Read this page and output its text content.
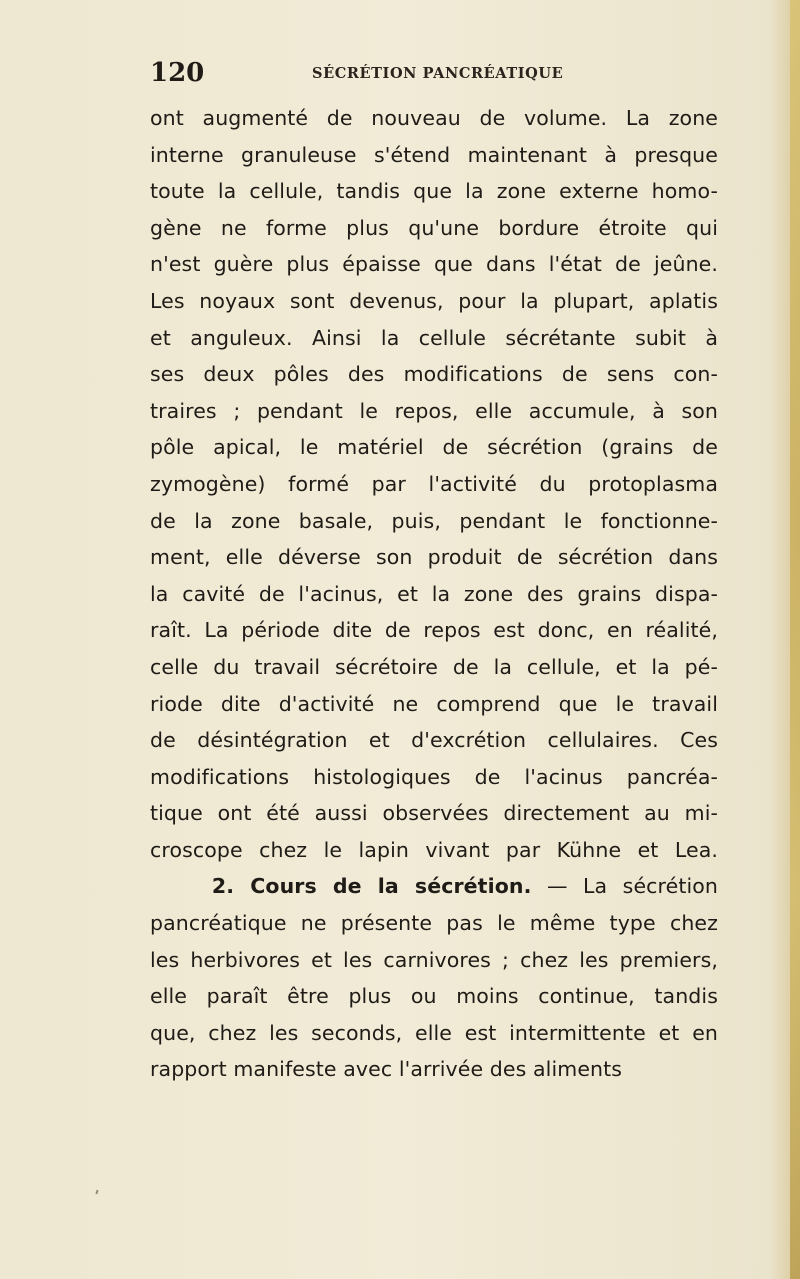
120	SÉCRÉTION PANCRÉATIQUE
ont augmenté de nouveau de volume. La zone
interne granuleuse s'étend maintenant à presque
toute la cellule, tandis que la zone externe homo-
gène ne forme plus qu'une bordure étroite qui
n'est guère plus épaisse que dans l'état de jeûne.
Les noyaux sont devenus, pour la plupart, aplatis
et anguleux. Ainsi la cellule sécrétante subit à
ses deux pôles des modifications de sens con-
traires ; pendant le repos, elle accumule, à son
pôle apical, le matériel de sécrétion (grains de
zymogène) formé par l'activité du protoplasma
de la zone basale, puis, pendant le fonctionne-
ment, elle déverse son produit de sécrétion dans
la cavité de l'acinus, et la zone des grains dispa-
raît. La période dite de repos est donc, en réalité,
celle du travail sécrétoire de la cellule, et la pé-
riode dite d'activité ne comprend que le travail
de désintégration et d'excrétion cellulaires. Ces
modifications histologiques de l'acinus pancréa-
tique ont été aussi observées directement au mi-
croscope chez le lapin vivant par Kühne et Lea.
2. Cours de la sécrétion. — La sécrétion
pancréatique ne présente pas le même type chez
les herbivores et les carnivores ; chez les premiers,
elle paraît être plus ou moins continue, tandis
que, chez les seconds, elle est intermittente et en
rapport manifeste avec l'arrivée des aliments
